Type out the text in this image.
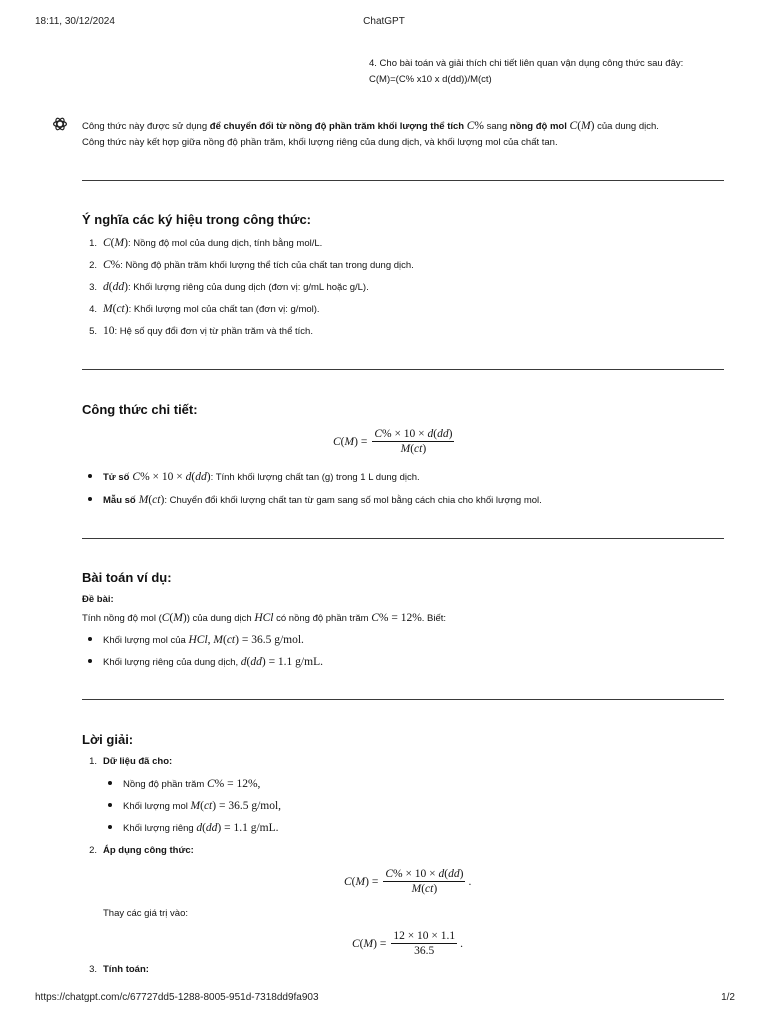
18:11, 30/12/2024	ChatGPT
4. Cho bài toán và giải thích chi tiết liên quan vận dụng công thức sau đây:
C(M)=(C% x10 x d(dd))/M(ct)
Công thức này được sử dụng để chuyển đổi từ nồng độ phần trăm khối lượng thể tích C% sang nồng độ mol C(M) của dung dịch.
Công thức này kết hợp giữa nồng độ phần trăm, khối lượng riêng của dung dịch, và khối lượng mol của chất tan.
Ý nghĩa các ký hiệu trong công thức:
1. C(M): Nồng độ mol của dung dịch, tính bằng mol/L.
2. C%: Nồng độ phần trăm khối lượng thể tích của chất tan trong dung dịch.
3. d(dd): Khối lượng riêng của dung dịch (đơn vị: g/mL hoặc g/L).
4. M(ct): Khối lượng mol của chất tan (đơn vị: g/mol).
5. 10: Hệ số quy đổi đơn vị từ phần trăm và thể tích.
Công thức chi tiết:
$C(M) = \frac{C\% \times 10 \times d(dd)}{M(ct)}$
Tử số C% × 10 × d(dd): Tính khối lượng chất tan (g) trong 1 L dung dịch.
Mẫu số M(ct): Chuyển đổi khối lượng chất tan từ gam sang số mol bằng cách chia cho khối lượng mol.
Bài toán ví dụ:
Đề bài:
Tính nồng độ mol (C(M)) của dung dịch HCl có nồng độ phần trăm C% = 12%. Biết:
Khối lượng mol của HCl, M(ct) = 36.5 g/mol.
Khối lượng riêng của dung dịch, d(dd) = 1.1 g/mL.
Lời giải:
1. Dữ liệu đã cho:
Nồng độ phần trăm C% = 12%,
Khối lượng mol M(ct) = 36.5 g/mol,
Khối lượng riêng d(dd) = 1.1 g/mL.
2. Áp dụng công thức:
$C(M) = \frac{C\% \times 10 \times d(dd)}{M(ct)}$ .
Thay các giá trị vào:
$C(M) = \frac{12 \times 10 \times 1.1}{36.5}$ .
3. Tính toán:
https://chatgpt.com/c/67727dd5-1288-8005-951d-7318dd9fa903	1/2
